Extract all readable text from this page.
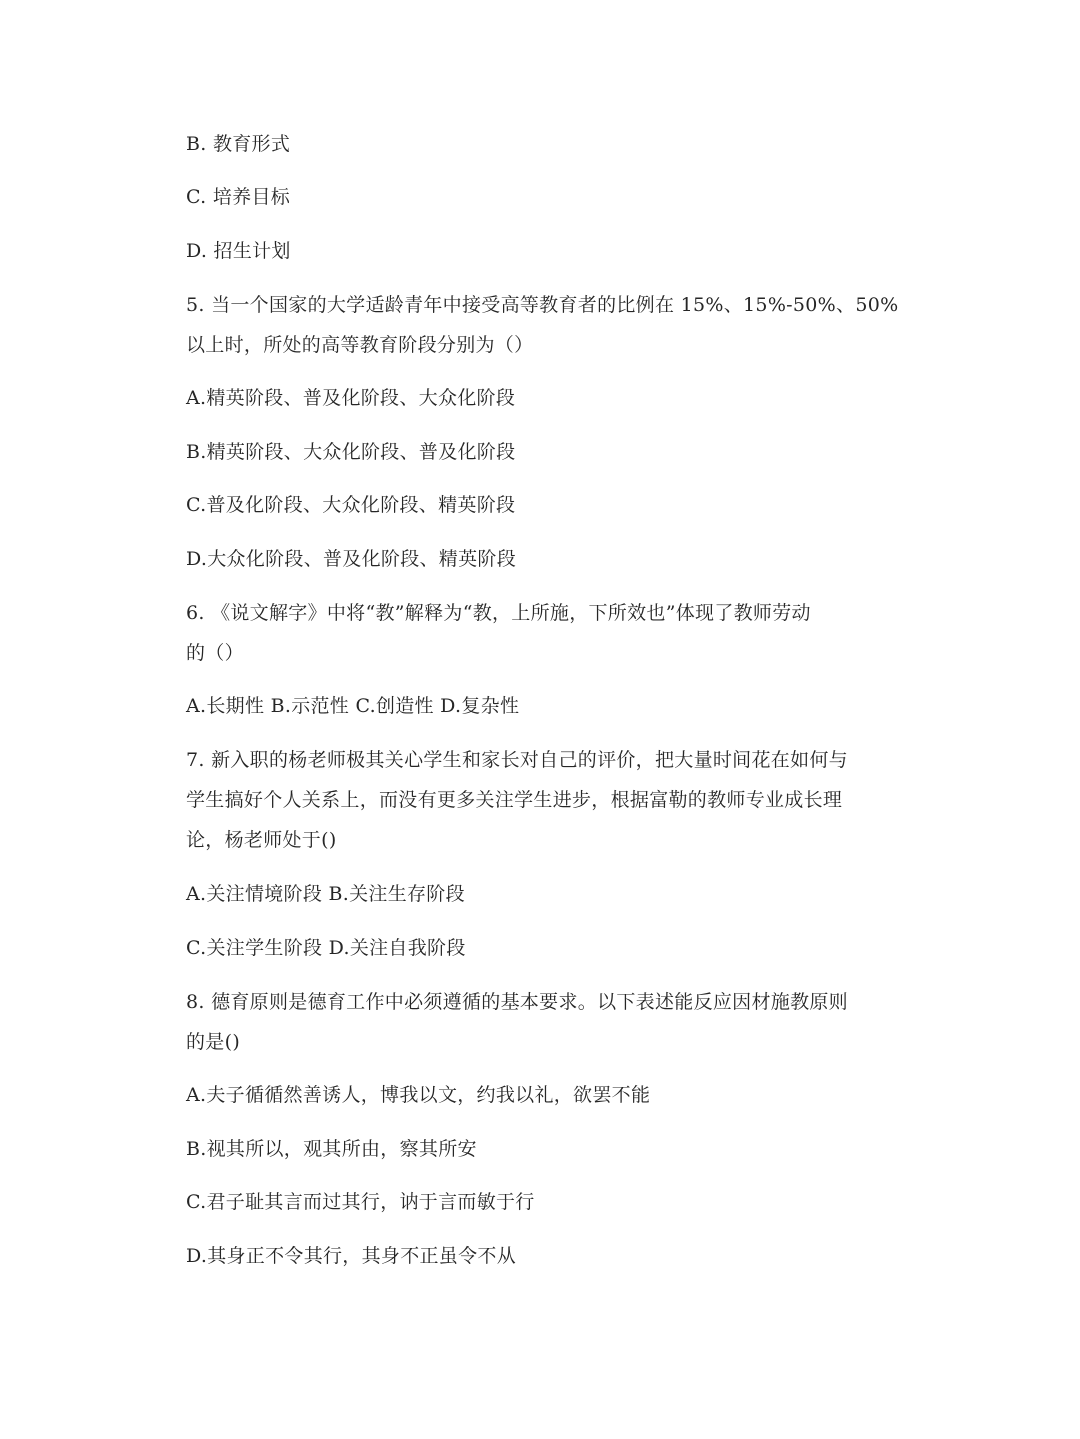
B. 教育形式
C. 培养目标
D. 招生计划
5. 当一个国家的大学适龄青年中接受高等教育者的比例在 15%、15%-50%、50%
以上时，所处的高等教育阶段分别为（）
A.精英阶段、普及化阶段、大众化阶段
B.精英阶段、大众化阶段、普及化阶段
C.普及化阶段、大众化阶段、精英阶段
D.大众化阶段、普及化阶段、精英阶段
6. 《说文解字》中将“教”解释为“教，上所施，下所效也”体现了教师劳动
的（）
A.长期性 B.示范性 C.创造性 D.复杂性
7. 新入职的杨老师极其关心学生和家长对自己的评价，把大量时间花在如何与
学生搞好个人关系上，而没有更多关注学生进步，根据富勒的教师专业成长理
论，杨老师处于()
A.关注情境阶段 B.关注生存阶段
C.关注学生阶段 D.关注自我阶段
8. 德育原则是德育工作中必须遵循的基本要求。以下表述能反应因材施教原则
的是()
A.夫子循循然善诱人，博我以文，约我以礼，欲罢不能
B.视其所以，观其所由，察其所安
C.君子耻其言而过其行，讷于言而敏于行
D.其身正不令其行，其身不正虽令不从
